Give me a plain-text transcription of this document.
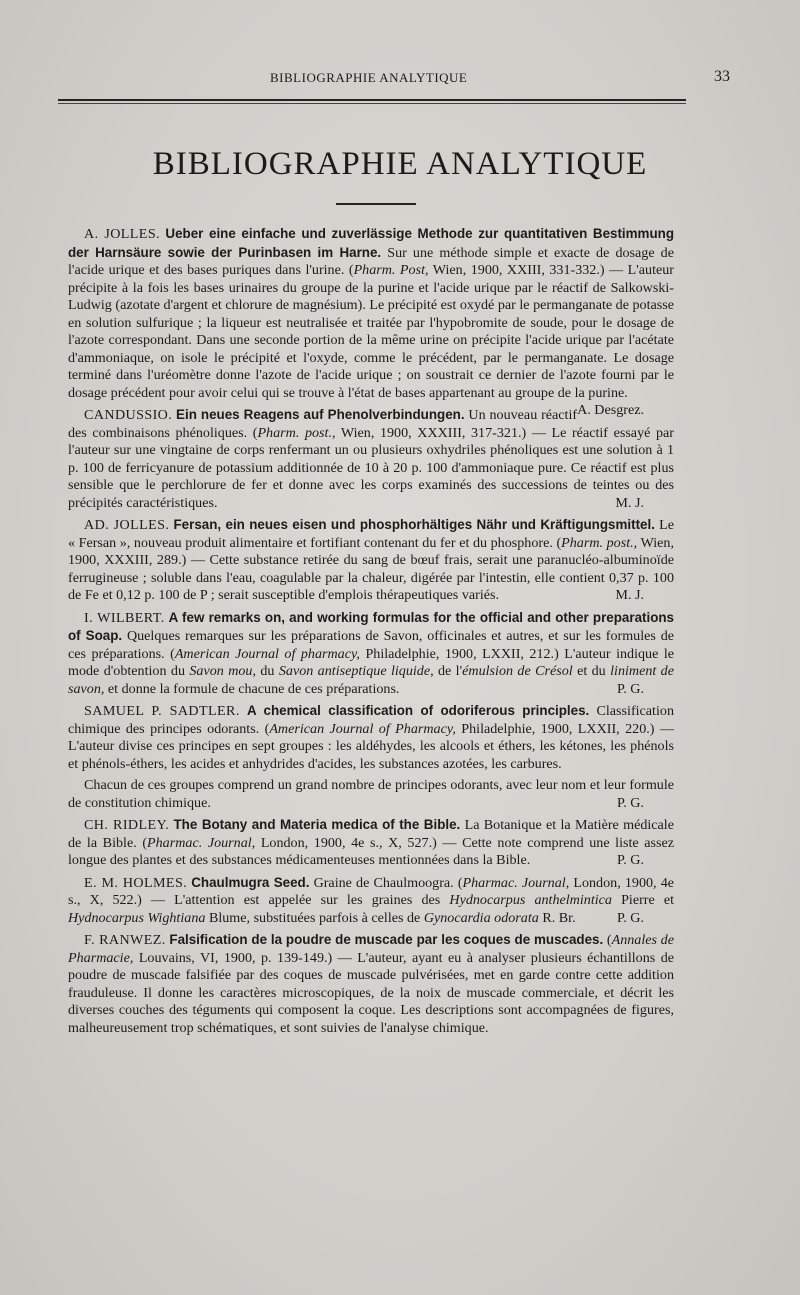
BIBLIOGRAPHIE ANALYTIQUE	33
BIBLIOGRAPHIE ANALYTIQUE

A. JOLLES. Ueber eine einfache und zuverlässige Methode zur quantitativen Bestimmung der Harnsäure sowie der Purinbasen im Harne. Sur une méthode simple et exacte de dosage de l'acide urique et des bases puriques dans l'urine. (Pharm. Post, Wien, 1900, XXIII, 331-332.) — L'auteur précipite à la fois les bases urinaires du groupe de la purine et l'acide urique par le réactif de Salkowski-Ludwig (azotate d'argent et chlorure de magnésium). Le précipité est oxydé par le permanganate de potasse en solution sulfurique ; la liqueur est neutralisée et traitée par l'hypobromite de soude, pour le dosage de l'azote correspondant. Dans une seconde portion de la même urine on précipite l'acide urique par l'acétate d'ammoniaque, on isole le précipité et l'oxyde, comme le précédent, par le permanganate. Le dosage terminé dans l'uréomètre donne l'azote de l'acide urique ; on soustrait ce dernier de l'azote fourni par le dosage précédent pour avoir celui qui se trouve à l'état de bases appartenant au groupe de la purine.
A. Desgrez.

CANDUSSIO. Ein neues Reagens auf Phenolverbindungen. Un nouveau réactif des combinaisons phénoliques. (Pharm. post., Wien, 1900, XXXIII, 317-321.) — Le réactif essayé par l'auteur sur une vingtaine de corps renfermant un ou plusieurs oxhydriles phénoliques est une solution à 1 p. 100 de ferricyanure de potassium additionnée de 10 à 20 p. 100 d'ammoniaque pure. Ce réactif est plus sensible que le perchlorure de fer et donne avec les corps examinés des successions de teintes ou des précipités caractéristiques.	M. J.

AD. JOLLES. Fersan, ein neues eisen und phosphorhältiges Nähr und Kräftigungsmittel. Le « Fersan », nouveau produit alimentaire et fortifiant contenant du fer et du phosphore. (Pharm. post., Wien, 1900, XXXIII, 289.) — Cette substance retirée du sang de bœuf frais, serait une paranucléo-albuminoïde ferrugineuse ; soluble dans l'eau, coagulable par la chaleur, digérée par l'intestin, elle contient 0,37 p. 100 de Fe et 0,12 p. 100 de P ; serait susceptible d'emplois thérapeutiques variés.	M. J.

I. WILBERT. A few remarks on, and working formulas for the official and other preparations of Soap. Quelques remarques sur les préparations de Savon, officinales et autres, et sur les formules de ces préparations. (American Journal of pharmacy, Philadelphie, 1900, LXXII, 212.) L'auteur indique le mode d'obtention du Savon mou, du Savon antiseptique liquide, de l'émulsion de Crésol et du liniment de savon, et donne la formule de chacune de ces préparations.	P. G.

SAMUEL P. SADTLER. A chemical classification of odoriferous principles. Classification chimique des principes odorants. (American Journal of Pharmacy, Philadelphie, 1900, LXXII, 220.) — L'auteur divise ces principes en sept groupes : les aldéhydes, les alcools et éthers, les kétones, les phénols et phénols-éthers, les acides et anhydrides d'acides, les substances azotées, les carbures.

Chacun de ces groupes comprend un grand nombre de principes odorants, avec leur nom et leur formule de constitution chimique.	P. G.

CH. RIDLEY. The Botany and Materia medica of the Bible. La Botanique et la Matière médicale de la Bible. (Pharmac. Journal, London, 1900, 4e s., X, 527.) — Cette note comprend une liste assez longue des plantes et des substances médicamenteuses mentionnées dans la Bible.	P. G.

E. M. HOLMES. Chaulmugra Seed. Graine de Chaulmoogra. (Pharmac. Journal, London, 1900, 4e s., X, 522.) — L'attention est appelée sur les graines des Hydnocarpus anthelmintica Pierre et Hydnocarpus Wightiana Blume, substituées parfois à celles de Gynocardia odorata R. Br.	P. G.

F. RANWEZ. Falsification de la poudre de muscade par les coques de muscades. (Annales de Pharmacie, Louvains, VI, 1900, p. 139-149.) — L'auteur, ayant eu à analyser plusieurs échantillons de poudre de muscade falsifiée par des coques de muscade pulvérisées, met en garde contre cette addition frauduleuse. Il donne les caractères microscopiques, de la noix de muscade commerciale, et décrit les diverses couches des téguments qui composent la coque. Les descriptions sont accompagnées de figures, malheureusement trop schématiques, et sont suivies de l'analyse chimique.
